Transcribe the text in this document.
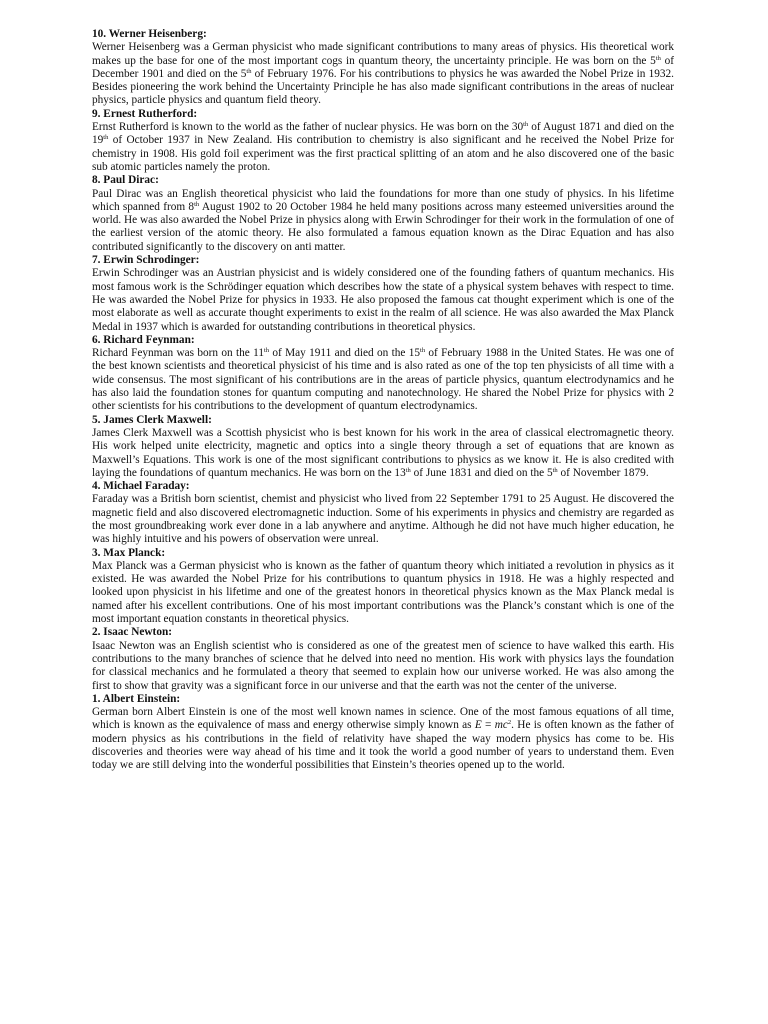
10. Werner Heisenberg:

Werner Heisenberg was a German physicist who made significant contributions to many areas of physics. His theoretical work makes up the base for one of the most important cogs in quantum theory, the uncertainty principle. He was born on the 5th of December 1901 and died on the 5th of February 1976. For his contributions to physics he was awarded the Nobel Prize in 1932. Besides pioneering the work behind the Uncertainty Principle he has also made significant contributions in the areas of nuclear physics, particle physics and quantum field theory.

9. Ernest Rutherford:

Ernst Rutherford is known to the world as the father of nuclear physics. He was born on the 30th of August 1871 and died on the 19th of October 1937 in New Zealand. His contribution to chemistry is also significant and he received the Nobel Prize for chemistry in 1908. His gold foil experiment was the first practical splitting of an atom and he also discovered one of the basic sub atomic particles namely the proton.

8. Paul Dirac:

Paul Dirac was an English theoretical physicist who laid the foundations for more than one study of physics. In his lifetime which spanned from 8th August 1902 to 20 October 1984 he held many positions across many esteemed universities around the world. He was also awarded the Nobel Prize in physics along with Erwin Schrodinger for their work in the formulation of one of the earliest version of the atomic theory. He also formulated a famous equation known as the Dirac Equation and has also contributed significantly to the discovery on anti matter.

7. Erwin Schrodinger:

Erwin Schrodinger was an Austrian physicist and is widely considered one of the founding fathers of quantum mechanics. His most famous work is the Schrödinger equation which describes how the state of a physical system behaves with respect to time. He was awarded the Nobel Prize for physics in 1933. He also proposed the famous cat thought experiment which is one of the most elaborate as well as accurate thought experiments to exist in the realm of all science. He was also awarded the Max Planck Medal in 1937 which is awarded for outstanding contributions in theoretical physics.

6. Richard Feynman:

Richard Feynman was born on the 11th of May 1911 and died on the 15th of February 1988 in the United States. He was one of the best known scientists and theoretical physicist of his time and is also rated as one of the top ten physicists of all time with a wide consensus. The most significant of his contributions are in the areas of particle physics, quantum electrodynamics and he has also laid the foundation stones for quantum computing and nanotechnology. He shared the Nobel Prize for physics with 2 other scientists for his contributions to the development of quantum electrodynamics.

5. James Clerk Maxwell:

James Clerk Maxwell was a Scottish physicist who is best known for his work in the area of classical electromagnetic theory. His work helped unite electricity, magnetic and optics into a single theory through a set of equations that are known as Maxwell’s Equations. This work is one of the most significant contributions to physics as we know it. He is also credited with laying the foundations of quantum mechanics. He was born on the 13th of June 1831 and died on the 5th of November 1879.

4. Michael Faraday:

Faraday was a British born scientist, chemist and physicist who lived from 22 September 1791 to 25 August. He discovered the magnetic field and also discovered electromagnetic induction. Some of his experiments in physics and chemistry are regarded as the most groundbreaking work ever done in a lab anywhere and anytime. Although he did not have much higher education, he was highly intuitive and his powers of observation were unreal.

3. Max Planck:

Max Planck was a German physicist who is known as the father of quantum theory which initiated a revolution in physics as it existed. He was awarded the Nobel Prize for his contributions to quantum physics in 1918. He was a highly respected and looked upon physicist in his lifetime and one of the greatest honors in theoretical physics known as the Max Planck medal is named after his excellent contributions. One of his most important contributions was the Planck’s constant which is one of the most important equation constants in theoretical physics.

2. Isaac Newton:

Isaac Newton was an English scientist who is considered as one of the greatest men of science to have walked this earth. His contributions to the many branches of science that he delved into need no mention. His work with physics lays the foundation for classical mechanics and he formulated a theory that seemed to explain how our universe worked. He was also among the first to show that gravity was a significant force in our universe and that the earth was not the center of the universe.

1. Albert Einstein:

German born Albert Einstein is one of the most well known names in science. One of the most famous equations of all time, which is known as the equivalence of mass and energy otherwise simply known as $E = mc^2$. He is often known as the father of modern physics as his contributions in the field of relativity have shaped the way modern physics has come to be. His discoveries and theories were way ahead of his time and it took the world a good number of years to understand them. Even today we are still delving into the wonderful possibilities that Einstein’s theories opened up to the world.
